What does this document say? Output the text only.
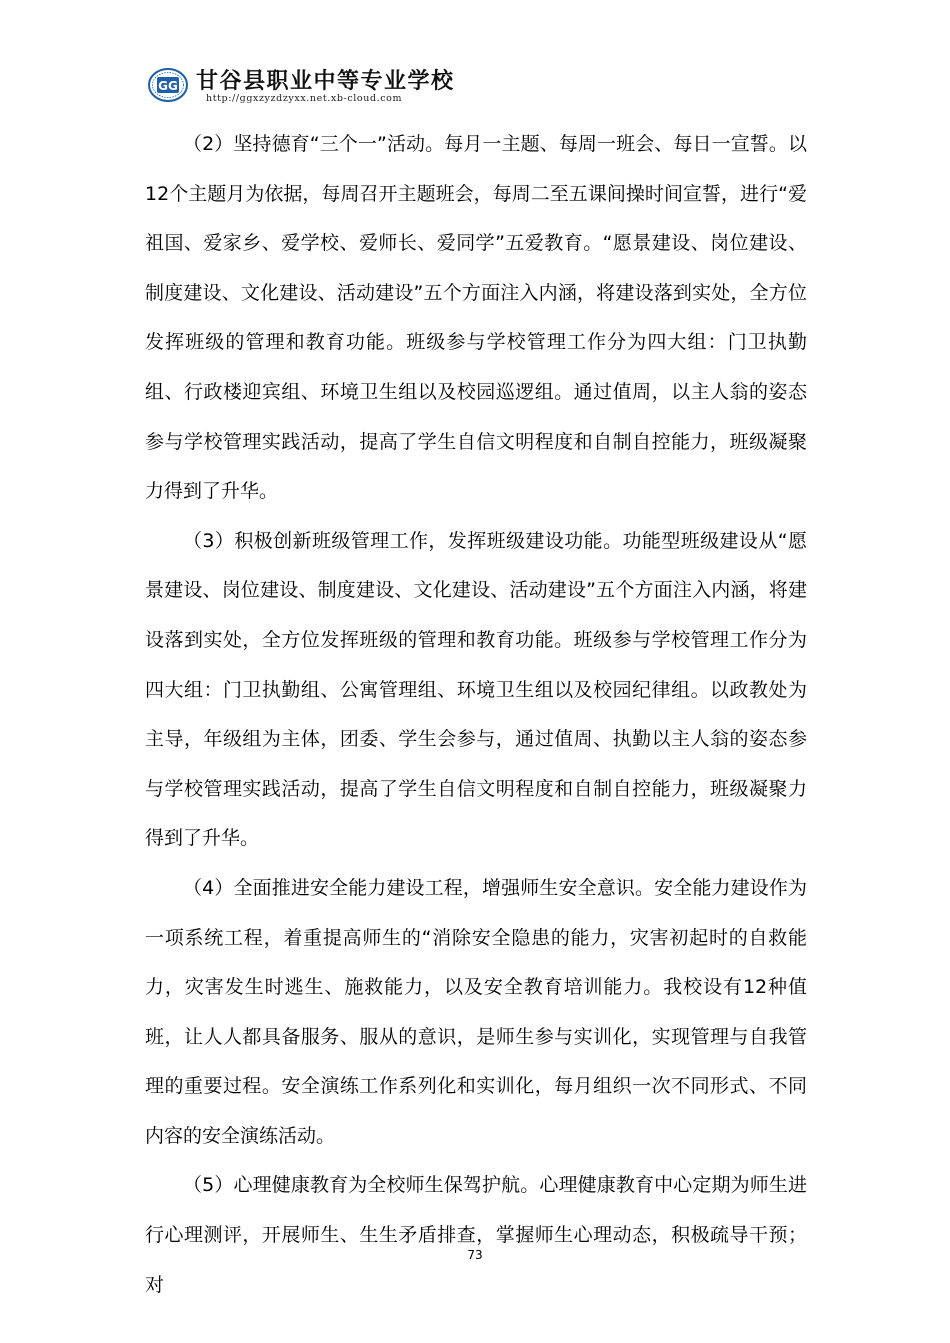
GG 甘谷县职业中等专业学校
http://ggxzyzdzyxx.net.xb-cloud.com

（2）坚持德育“三个一”活动。每月一主题、每周一班会、每日一宣誓。以12个主题月为依据，每周召开主题班会，每周二至五课间操时间宣誓，进行“爱祖国、爱家乡、爱学校、爱师长、爱同学”五爱教育。“愿景建设、岗位建设、制度建设、文化建设、活动建设”五个方面注入内涵，将建设落到实处，全方位发挥班级的管理和教育功能。班级参与学校管理工作分为四大组：门卫执勤组、行政楼迎宾组、环境卫生组以及校园巡逻组。通过值周，以主人翁的姿态参与学校管理实践活动，提高了学生自信文明程度和自制自控能力，班级凝聚力得到了升华。

（3）积极创新班级管理工作，发挥班级建设功能。功能型班级建设从“愿景建设、岗位建设、制度建设、文化建设、活动建设”五个方面注入内涵，将建设落到实处，全方位发挥班级的管理和教育功能。班级参与学校管理工作分为四大组：门卫执勤组、公寓管理组、环境卫生组以及校园纪律组。以政教处为主导，年级组为主体，团委、学生会参与，通过值周、执勤以主人翁的姿态参与学校管理实践活动，提高了学生自信文明程度和自制自控能力，班级凝聚力得到了升华。

（4）全面推进安全能力建设工程，增强师生安全意识。安全能力建设作为一项系统工程，着重提高师生的“消除安全隐患的能力，灾害初起时的自救能力，灾害发生时逃生、施救能力，以及安全教育培训能力。我校设有12种值班，让人人都具备服务、服从的意识，是师生参与实训化，实现管理与自我管理的重要过程。安全演练工作系列化和实训化，每月组织一次不同形式、不同内容的安全演练活动。

（5）心理健康教育为全校师生保驾护航。心理健康教育中心定期为师生进行心理测评，开展师生、生生矛盾排查，掌握师生心理动态，积极疏导干预；对

73
